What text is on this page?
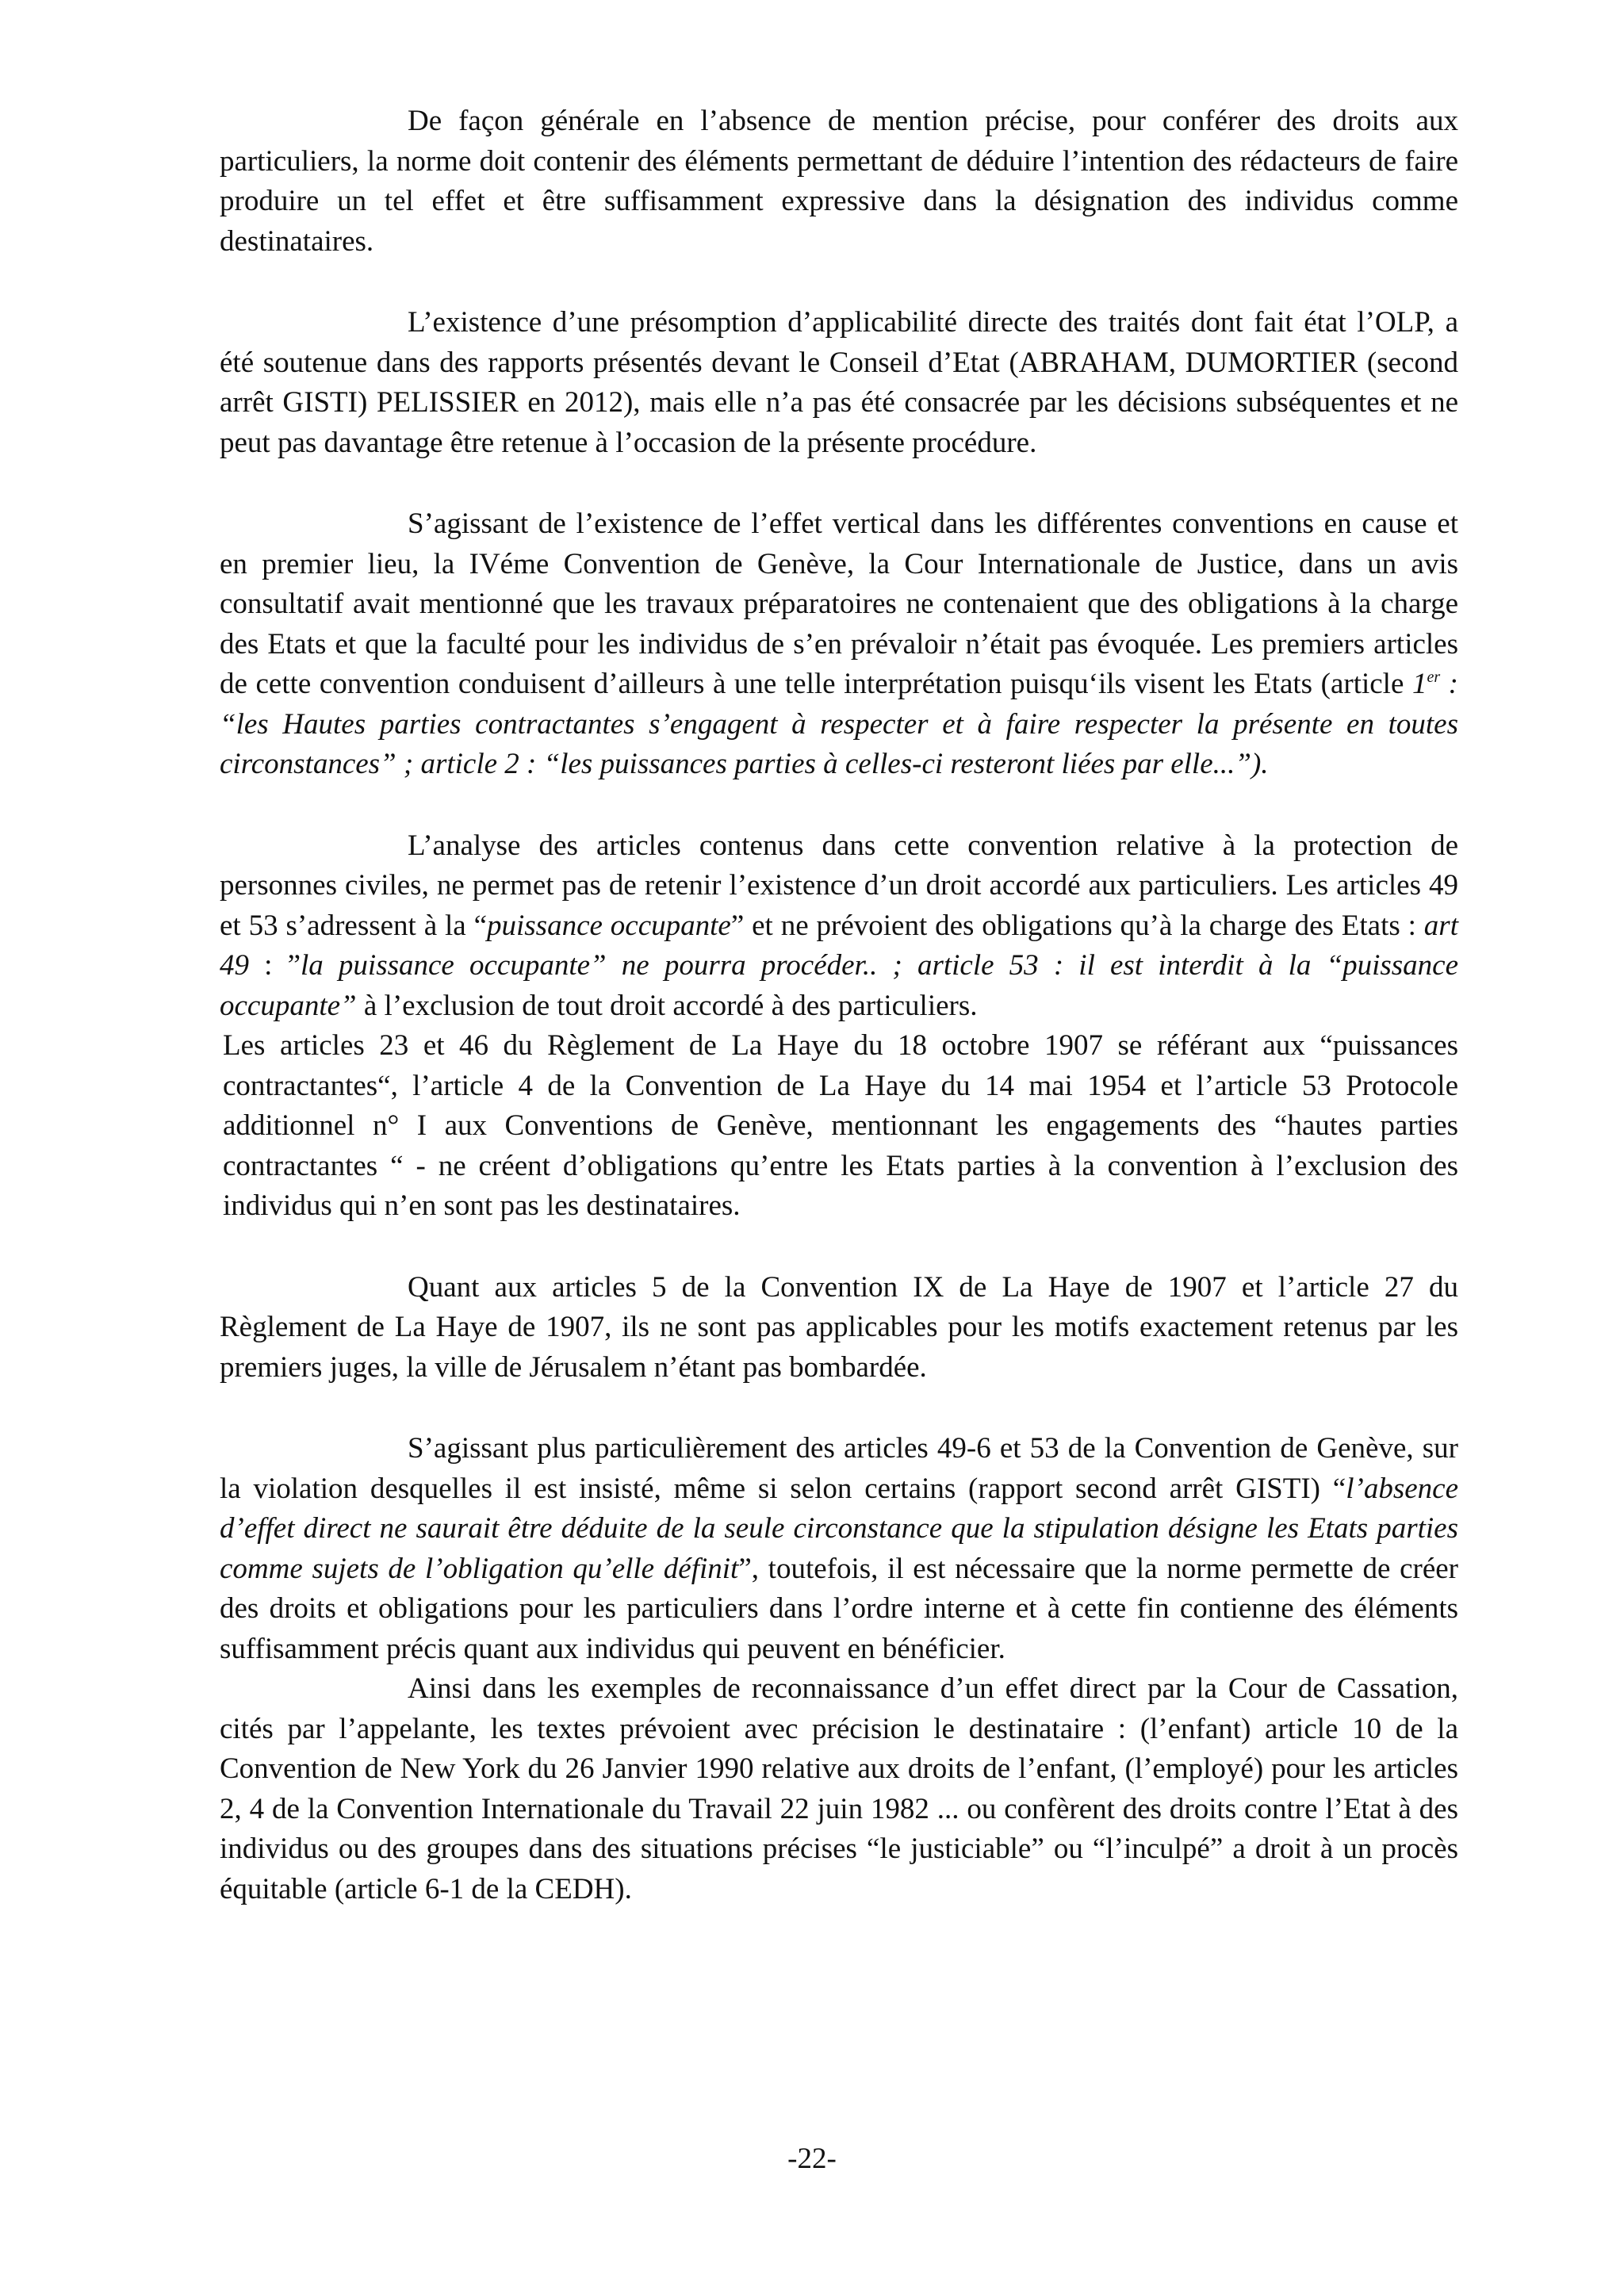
De façon générale en l’absence de mention précise, pour conférer des droits aux particuliers, la norme doit contenir des éléments permettant de déduire l’intention des rédacteurs de faire produire un tel effet et être suffisamment expressive dans la désignation des individus comme destinataires.

L’existence d’une présomption d’applicabilité directe des traités dont fait état l’OLP, a été soutenue dans des rapports présentés devant le Conseil d’Etat (ABRAHAM, DUMORTIER (second arrêt GISTI) PELISSIER en 2012), mais elle n’a pas été consacrée par les décisions subséquentes et ne peut pas davantage être retenue à l’occasion de la présente procédure.

S’agissant de l’existence de l’effet vertical dans les différentes conventions en cause et en premier lieu, la IVéme Convention de Genève, la Cour Internationale de Justice, dans un avis consultatif avait mentionné que les travaux préparatoires ne contenaient que des obligations à la charge des Etats et que la faculté pour les individus de s’en prévaloir n’était pas évoquée. Les premiers articles de cette convention conduisent d’ailleurs à une telle interprétation puisqu‘ils visent les Etats (article 1er : “les Hautes parties contractantes s’engagent à respecter et à faire respecter la présente en toutes circonstances” ; article 2 : “les puissances parties à celles-ci resteront liées par elle...”).

L’analyse des articles contenus dans cette convention relative à la protection de personnes civiles, ne permet pas de retenir l’existence d’un droit accordé aux particuliers. Les articles 49 et 53 s’adressent à la “puissance occupante” et ne prévoient des obligations qu’à la charge des Etats : art 49 : ”la puissance occupante” ne pourra procéder.. ; article 53 : il est interdit à la “puissance occupante” à l’exclusion de tout droit accordé à des particuliers.

Les articles 23 et 46 du Règlement de La Haye du 18 octobre 1907 se référant aux “puissances contractantes“, l’article 4 de la Convention de La Haye du 14 mai 1954 et l’article 53 Protocole additionnel n° I aux Conventions de Genève, mentionnant les engagements des “hautes parties contractantes “ - ne créent d’obligations qu’entre les Etats parties à la convention à l’exclusion des individus qui n’en sont pas les destinataires.

Quant aux articles 5 de la Convention IX de La Haye de 1907 et l’article 27 du Règlement de La Haye de 1907, ils ne sont pas applicables pour les motifs exactement retenus par les premiers juges, la ville de Jérusalem n’étant pas bombardée.

S’agissant plus particulièrement des articles 49-6 et 53 de la Convention de Genève, sur la violation desquelles il est insisté, même si selon certains (rapport second arrêt GISTI) “l’absence d’effet direct ne saurait être déduite de la seule circonstance que la stipulation désigne les Etats parties comme sujets de l’obligation qu’elle définit”, toutefois, il est nécessaire que la norme permette de créer des droits et obligations pour les particuliers dans l’ordre interne et à cette fin contienne des éléments suffisamment précis quant aux individus qui peuvent en bénéficier.

Ainsi dans les exemples de reconnaissance d’un effet direct par la Cour de Cassation, cités par l’appelante, les textes prévoient avec précision le destinataire : (l’enfant) article 10 de la Convention de New York du 26 Janvier 1990 relative aux droits de l’enfant, (l’employé) pour les articles 2, 4 de la Convention Internationale du Travail 22 juin 1982 ... ou confèrent des droits contre l’Etat à des individus ou des groupes dans des situations précises “le justiciable” ou “l’inculpé” a droit à un procès équitable (article 6-1 de la CEDH).

-22-
